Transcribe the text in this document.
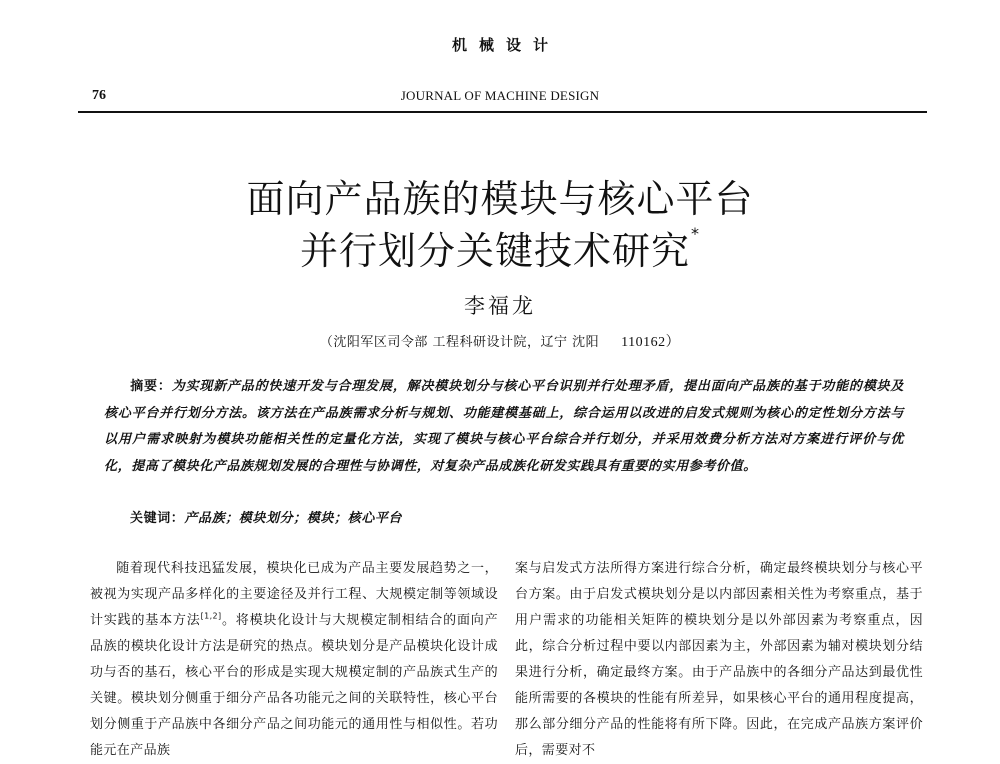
机械设计
76	JOURNAL OF MACHINE DESIGN
面向产品族的模块与核心平台
并行划分关键技术研究*
李福龙
（沈阳军区司令部 工程科研设计院，辽宁 沈阳 110162）
摘要：为实现新产品的快速开发与合理发展，解决模块划分与核心平台识别并行处理矛盾，提出面向产品族的基于功能的模块及核心平台并行划分方法。该方法在产品族需求分析与规划、功能建模基础上，综合运用以改进的启发式规则为核心的定性划分方法与以用户需求映射为模块功能相关性的定量化方法，实现了模块与核心平台综合并行划分，并采用效费分析方法对方案进行评价与优化，提高了模块化产品族规划发展的合理性与协调性，对复杂产品成族化研发实践具有重要的实用参考价值。
关键词：产品族；模块划分；模块；核心平台
随着现代科技迅猛发展，模块化已成为产品主要发展趋势之一，被视为实现产品多样化的主要途径及并行工程、大规模定制等领域设计实践的基本方法[1,2]。将模块化设计与大规模定制相结合的面向产品族的模块化设计方法是研究的热点。模块划分是产品模块化设计成功与否的基石，核心平台的形成是实现大规模定制的产品族式生产的关键。模块划分侧重于细分产品各功能元之间的关联特性，核心平台划分侧重于产品族中各细分产品之间功能元的通用性与相似性。若功能元在产品族
案与启发式方法所得方案进行综合分析，确定最终模块划分与核心平台方案。由于启发式模块划分是以内部因素相关性为考察重点，基于用户需求的功能相关矩阵的模块划分是以外部因素为考察重点，因此，综合分析过程中要以内部因素为主，外部因素为辅对模块划分结果进行分析，确定最终方案。由于产品族中的各细分产品达到最优性能所需要的各模块的性能有所差异，如果核心平台的通用程度提高，那么部分细分产品的性能将有所下降。因此，在完成产品族方案评价后，需要对不
